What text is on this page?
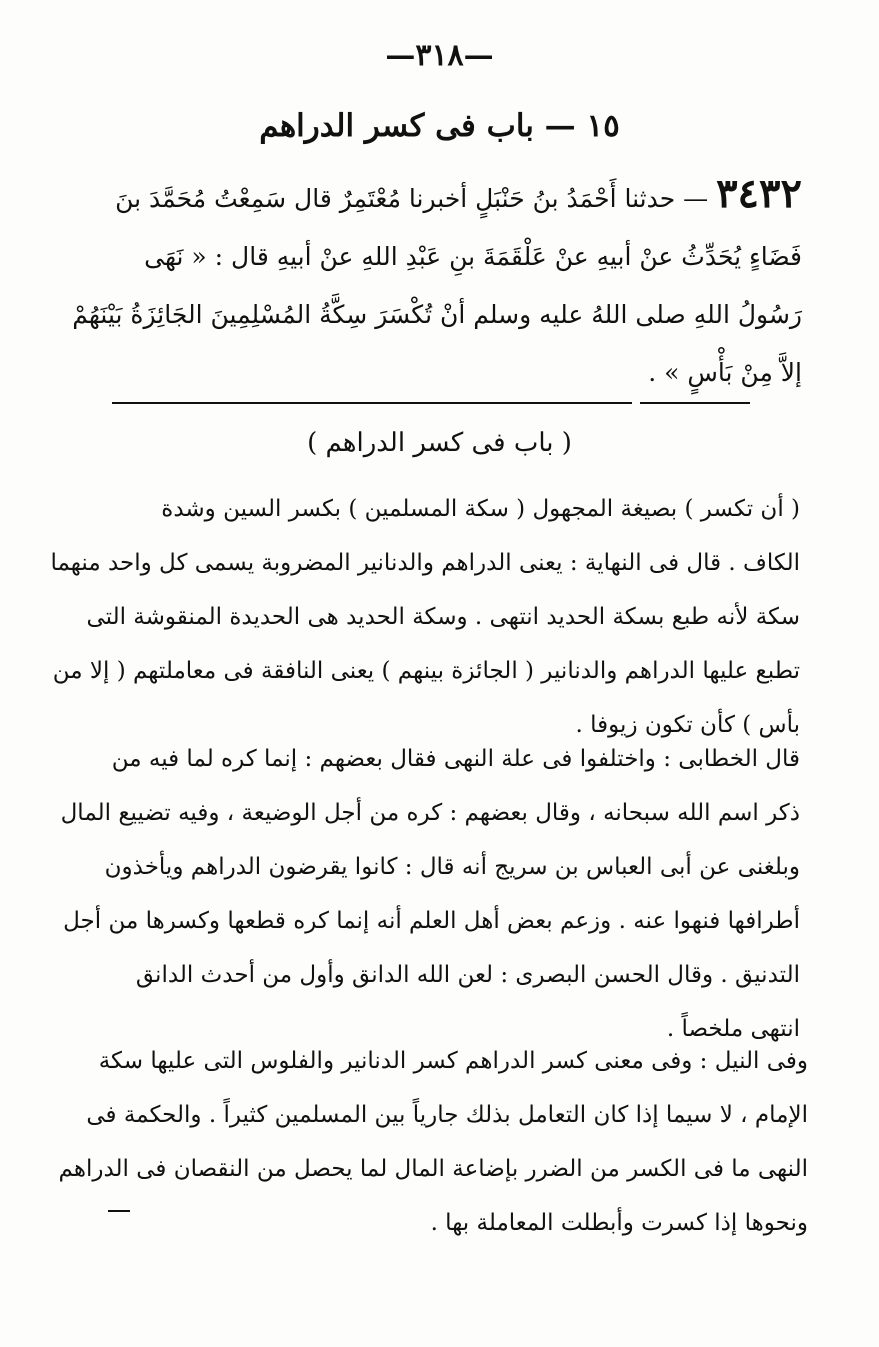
—٣١٨—
١٥ — باب فى كسر الدراهم
٣٤٣٢ — حدثنا أَحْمَدُ بنُ حَنْبَلٍ أخبرنا مُعْتَمِرٌ قال سَمِعْتُ مُحَمَّدَ بنَ
فَضَاءٍ يُحَدِّثُ عنْ أبيهِ عنْ عَلْقَمَةَ بنِ عَبْدِ اللهِ عنْ أبيهِ قال : « نَهَى
رَسُولُ اللهِ صلى اللهُ عليه وسلم أنْ تُكْسَرَ سِكَّةُ المُسْلِمِينَ الجَائِزَةُ بَيْنَهُمْ
إلاَّ مِنْ بَأْسٍ » .
( باب فى كسر الدراهم )
( أن تكسر ) بصيغة المجهول ( سكة المسلمين ) بكسر السين وشدة
الكاف . قال فى النهاية : يعنى الدراهم والدنانير المضروبة يسمى كل واحد منهما
سكة لأنه طبع بسكة الحديد انتهى . وسكة الحديد هى الحديدة المنقوشة التى
تطبع عليها الدراهم والدنانير ( الجائزة بينهم ) يعنى النافقة فى معاملتهم ( إلا من
بأس ) كأن تكون زيوفا .
قال الخطابى : واختلفوا فى علة النهى فقال بعضهم : إنما كره لما فيه من
ذكر اسم الله سبحانه ، وقال بعضهم : كره من أجل الوضيعة ، وفيه تضييع المال
وبلغنى عن أبى العباس بن سريج أنه قال : كانوا يقرضون الدراهم ويأخذون
أطرافها فنهوا عنه . وزعم بعض أهل العلم أنه إنما كره قطعها وكسرها من أجل
التدنيق . وقال الحسن البصرى : لعن الله الدانق وأول من أحدث الدانق
انتهى ملخصاً .
وفى النيل : وفى معنى كسر الدراهم كسر الدنانير والفلوس التى عليها سكة
الإمام ، لا سيما إذا كان التعامل بذلك جارياً بين المسلمين كثيراً . والحكمة فى
النهى ما فى الكسر من الضرر بإضاعة المال لما يحصل من النقصان فى الدراهم
ونحوها إذا كسرت وأبطلت المعاملة بها .
